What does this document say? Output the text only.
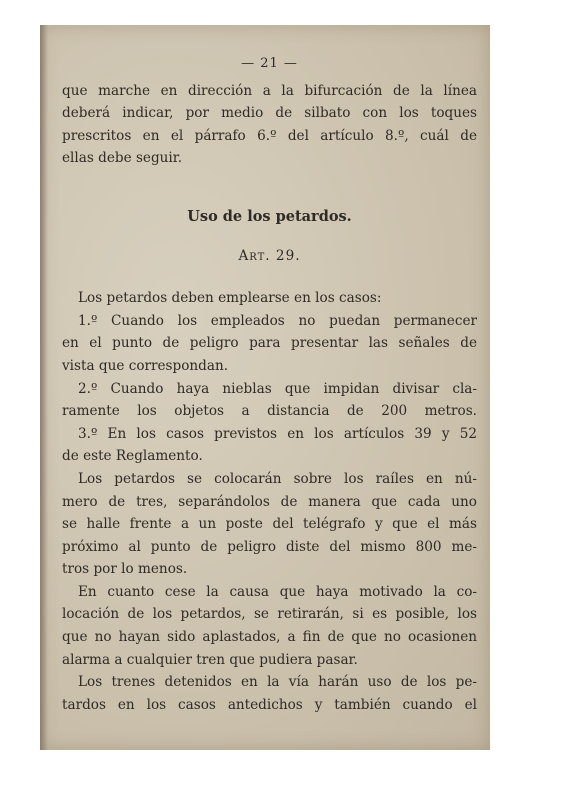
— 21 —
que marche en dirección a la bifurcación de la línea
deberá indicar, por medio de silbato con los toques
prescritos en el párrafo 6.º del artículo 8.º, cuál de
ellas debe seguir.
Uso de los petardos.
Art. 29.
Los petardos deben emplearse en los casos:
1.º Cuando los empleados no puedan permanecer
en el punto de peligro para presentar las señales de
vista que correspondan.
2.º Cuando haya nieblas que impidan divisar cla-
ramente los objetos a distancia de 200 metros.
3.º En los casos previstos en los artículos 39 y 52
de este Reglamento.
Los petardos se colocarán sobre los raíles en nú-
mero de tres, separándolos de manera que cada uno
se halle frente a un poste del telégrafo y que el más
próximo al punto de peligro diste del mismo 800 me-
tros por lo menos.
En cuanto cese la causa que haya motivado la co-
locación de los petardos, se retirarán, si es posible, los
que no hayan sido aplastados, a fin de que no ocasionen
alarma a cualquier tren que pudiera pasar.
Los trenes detenidos en la vía harán uso de los pe-
tardos en los casos antedichos y también cuando el
